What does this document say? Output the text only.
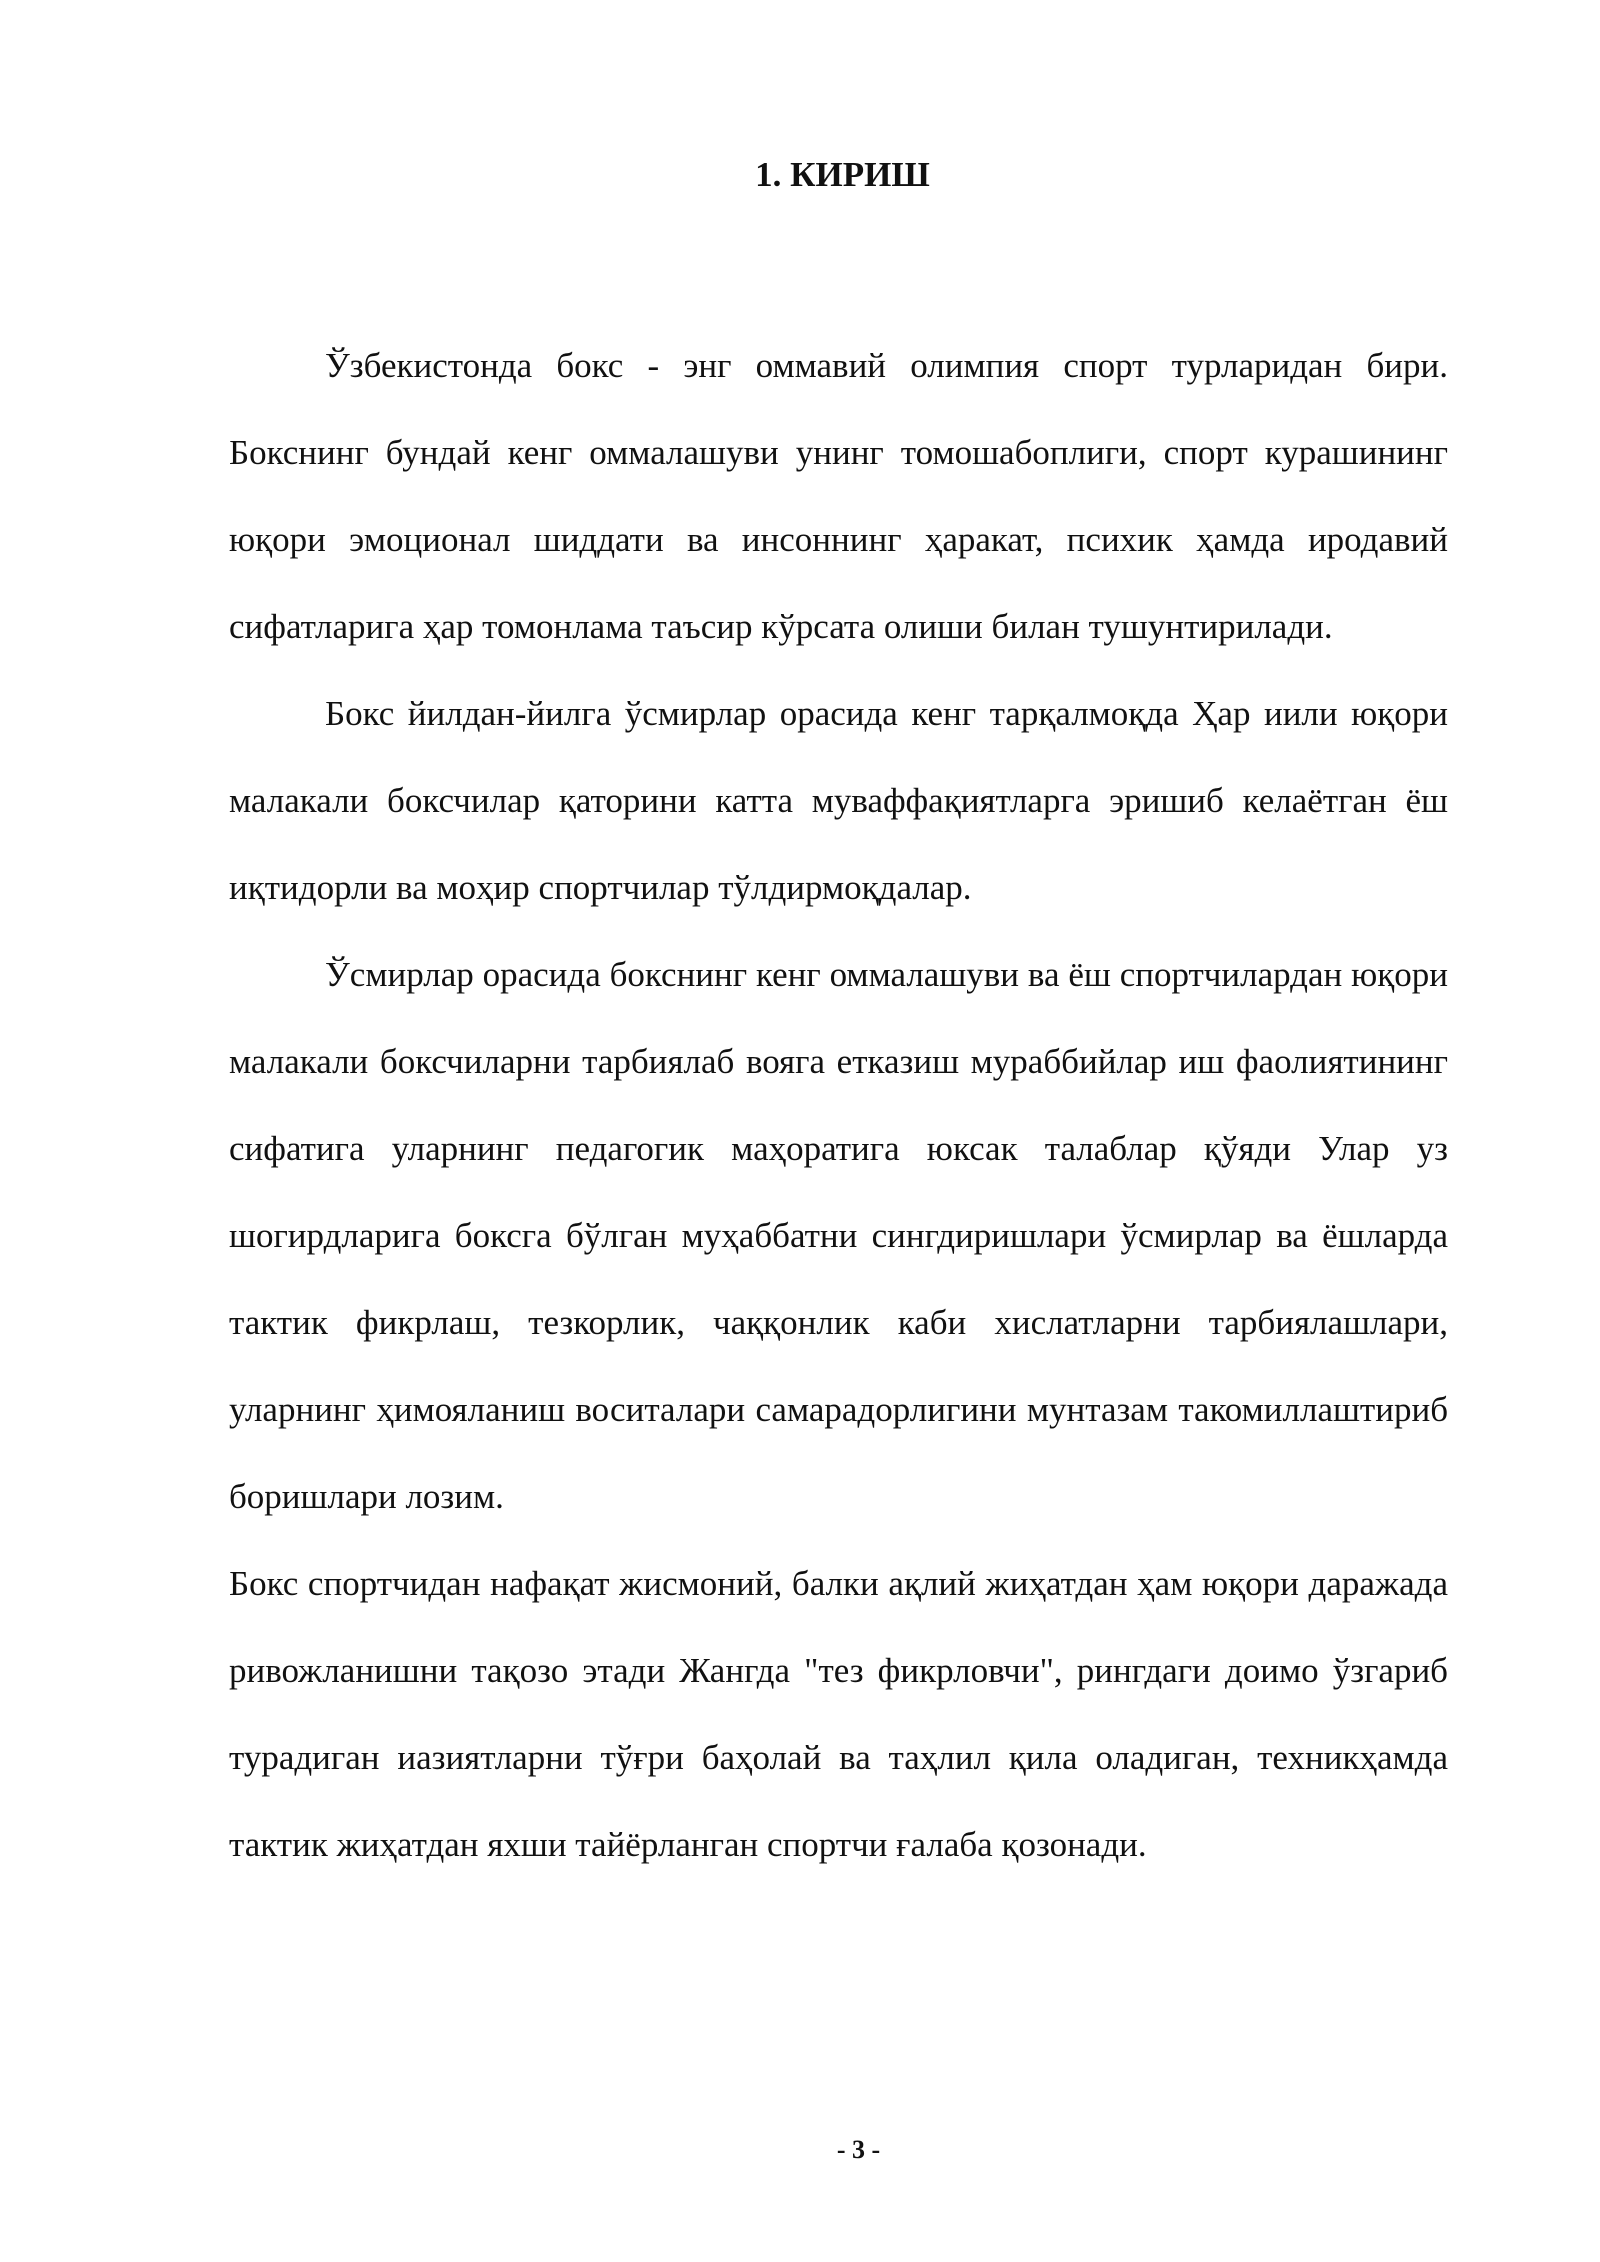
1. КИРИШ

Ўзбекистонда бокс - энг оммавий олимпия спорт турларидан бири. Бокснинг бундай кенг оммалашуви унинг томошабоплиги, спорт курашининг юқори эмоционал шиддати ва инсоннинг ҳаракат, психик ҳамда иродавий сифатларига ҳар томонлама таъсир кўрсата олиши билан тушунтирилади.

Бокс йилдан-йилга ўсмирлар орасида кенг тарқалмоқда Ҳар иили юқори малакали боксчилар қаторини катта муваффақиятларга эришиб келаётган ёш иқтидорли ва моҳир спортчилар тўлдирмоқдалар.

Ўсмирлар орасида бокснинг кенг оммалашуви ва ёш спортчилардан юқори малакали боксчиларни тарбиялаб вояга етказиш мураббийлар иш фаолиятининг сифатига уларнинг педагогик маҳоратига юксак талаблар қўяди Улар уз шогирдларига боксга бўлган муҳаббатни сингдиришлари ўсмирлар ва ёшларда тактик фикрлаш, тезкорлик, чаққонлик каби хислатларни тарбиялашлари, уларнинг ҳимояланиш воситалари самарадорлигини мунтазам такомиллаштириб боришлари лозим.

Бокс спортчидан нафақат жисмоний, балки ақлий жиҳатдан ҳам юқори даражада ривожланишни тақозо этади Жангда "тез фикрловчи", рингдаги доимо ўзгариб турадиган иазиятларни тўғри баҳолай ва таҳлил қила оладиган, техникҳамда тактик жиҳатдан яхши тайёрланган спортчи ғалаба қозонади.

- 3 -
